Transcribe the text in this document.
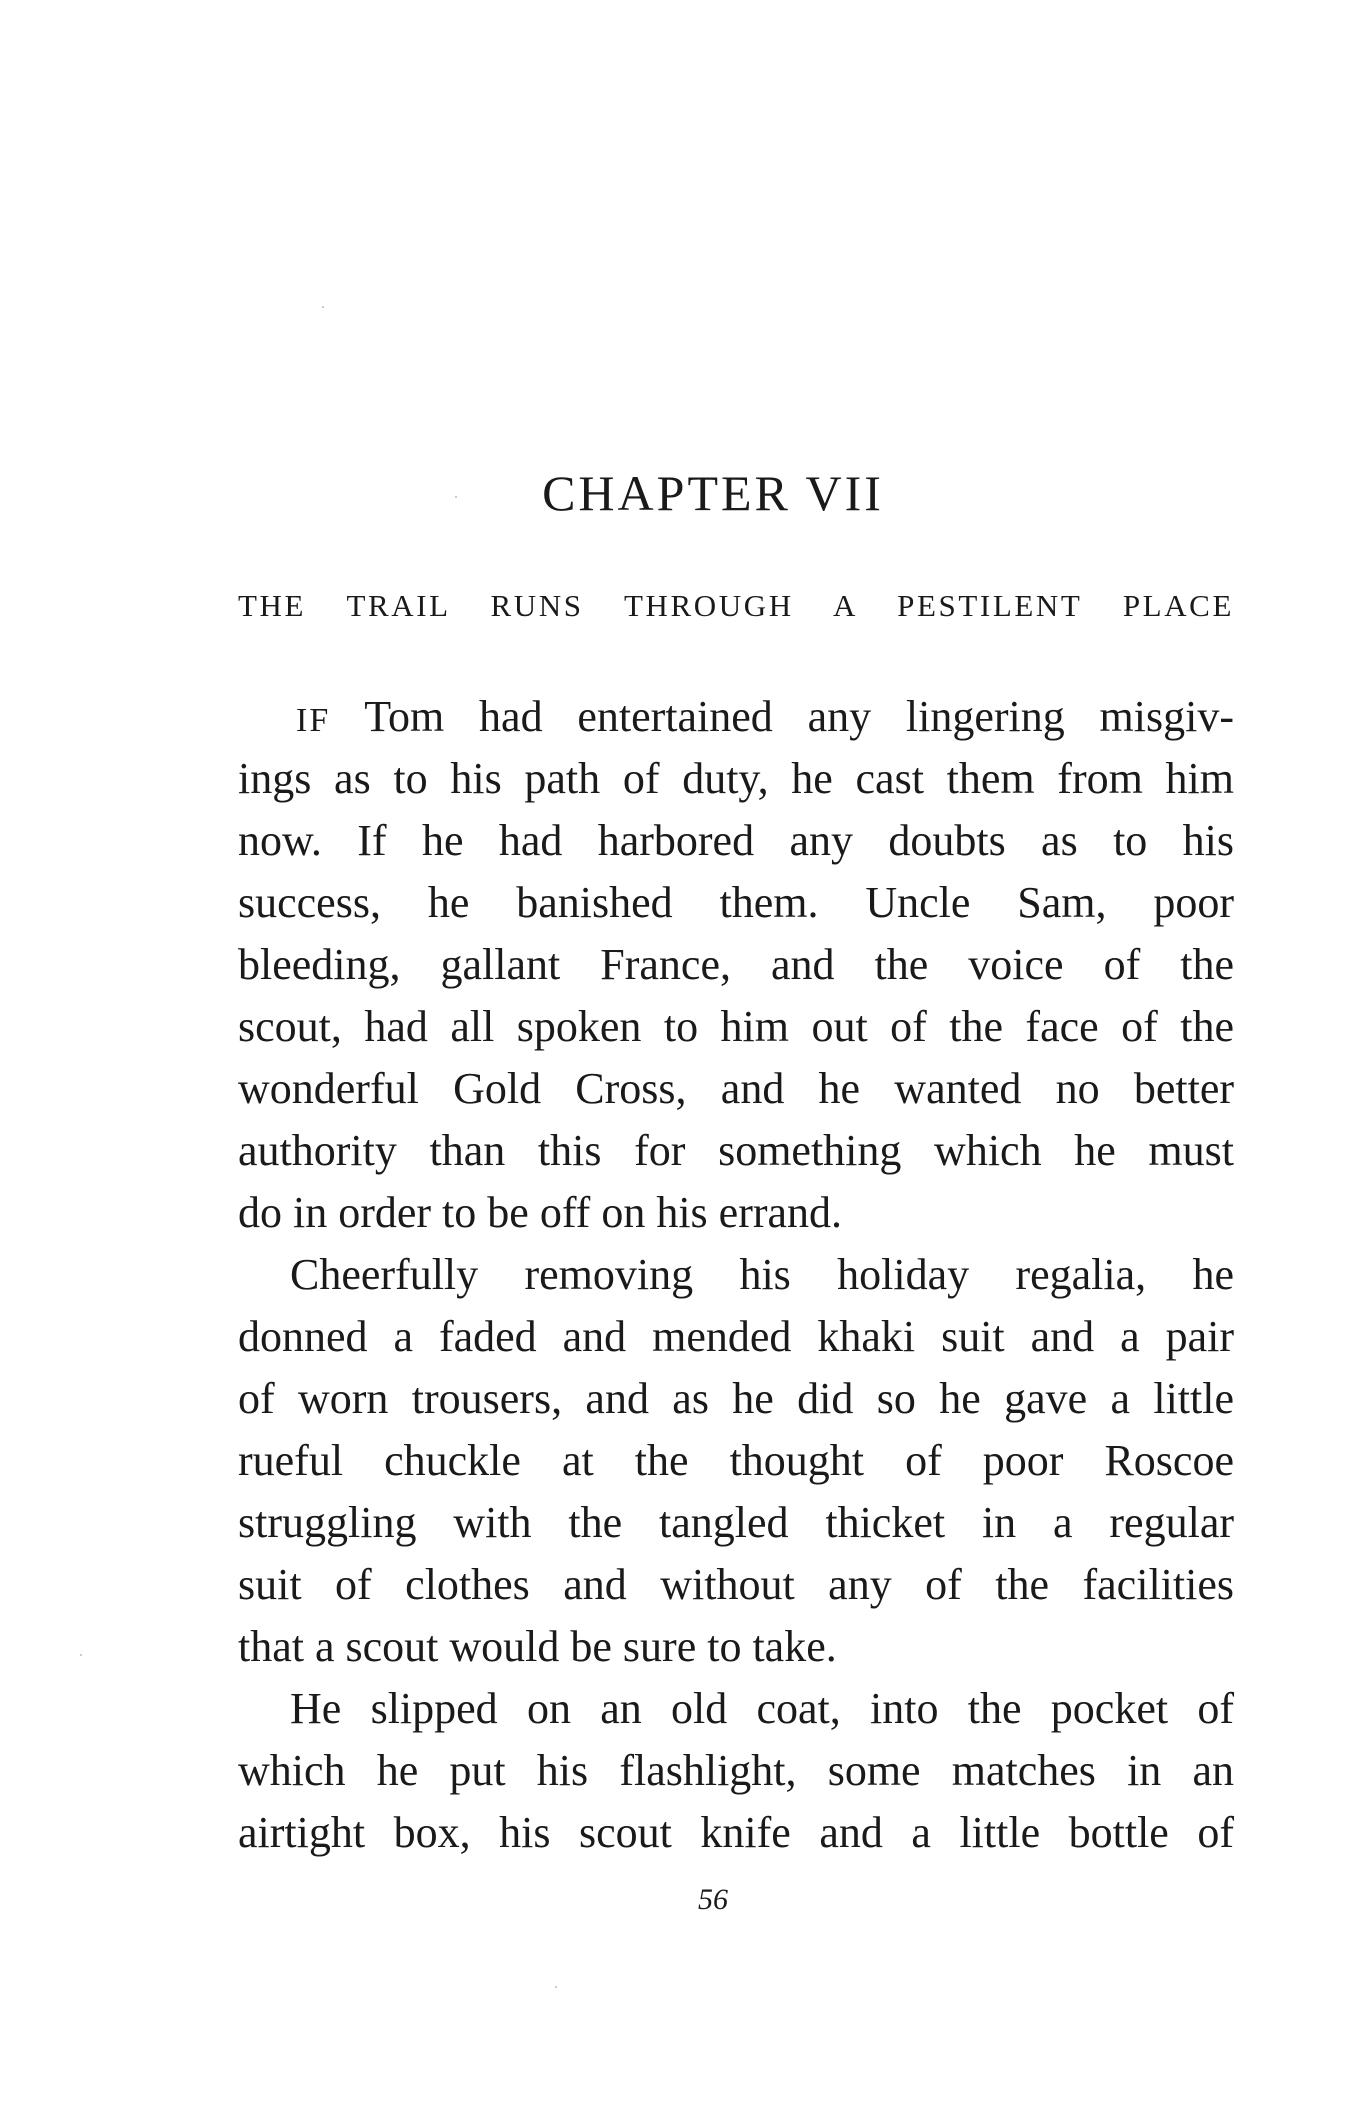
CHAPTER VII
THE TRAIL RUNS THROUGH A PESTILENT PLACE
IF Tom had entertained any lingering misgiv-
ings as to his path of duty, he cast them from him
now. If he had harbored any doubts as to his
success, he banished them. Uncle Sam, poor
bleeding, gallant France, and the voice of the
scout, had all spoken to him out of the face of the
wonderful Gold Cross, and he wanted no better
authority than this for something which he must
do in order to be off on his errand.
Cheerfully removing his holiday regalia, he
donned a faded and mended khaki suit and a pair
of worn trousers, and as he did so he gave a little
rueful chuckle at the thought of poor Roscoe
struggling with the tangled thicket in a regular
suit of clothes and without any of the facilities
that a scout would be sure to take.
He slipped on an old coat, into the pocket of
which he put his flashlight, some matches in an
airtight box, his scout knife and a little bottle of
56
